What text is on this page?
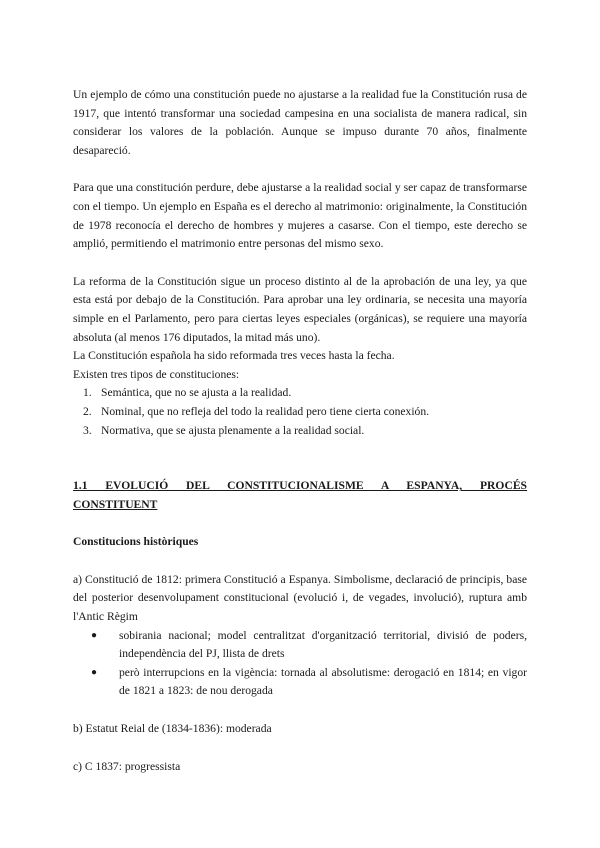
Un ejemplo de cómo una constitución puede no ajustarse a la realidad fue la Constitución rusa de 1917, que intentó transformar una sociedad campesina en una socialista de manera radical, sin considerar los valores de la población. Aunque se impuso durante 70 años, finalmente desapareció.

Para que una constitución perdure, debe ajustarse a la realidad social y ser capaz de transformarse con el tiempo. Un ejemplo en España es el derecho al matrimonio: originalmente, la Constitución de 1978 reconocía el derecho de hombres y mujeres a casarse. Con el tiempo, este derecho se amplió, permitiendo el matrimonio entre personas del mismo sexo.

La reforma de la Constitución sigue un proceso distinto al de la aprobación de una ley, ya que esta está por debajo de la Constitución. Para aprobar una ley ordinaria, se necesita una mayoría simple en el Parlamento, pero para ciertas leyes especiales (orgánicas), se requiere una mayoría absoluta (al menos 176 diputados, la mitad más uno).

La Constitución española ha sido reformada tres veces hasta la fecha.

Existen tres tipos de constituciones:

1. Semántica, que no se ajusta a la realidad.
2. Nominal, que no refleja del todo la realidad pero tiene cierta conexión.
3. Normativa, que se ajusta plenamente a la realidad social.
1.1 EVOLUCIÓ DEL CONSTITUCIONALISME A ESPANYA, PROCÉS
CONSTITUENT
Constitucions històriques

a) Constitució de 1812: primera Constitució a Espanya. Simbolisme, declaració de principis, base del posterior desenvolupament constitucional (evolució i, de vegades, involució), ruptura amb l'Antic Règim

● sobirania nacional; model centralitzat d'organització territorial, divisió de poders, independència del PJ, llista de drets
● però interrupcions en la vigència: tornada al absolutisme: derogació en 1814; en vigor de 1821 a 1823: de nou derogada

b) Estatut Reial de (1834-1836): moderada

c) C 1837: progressista
